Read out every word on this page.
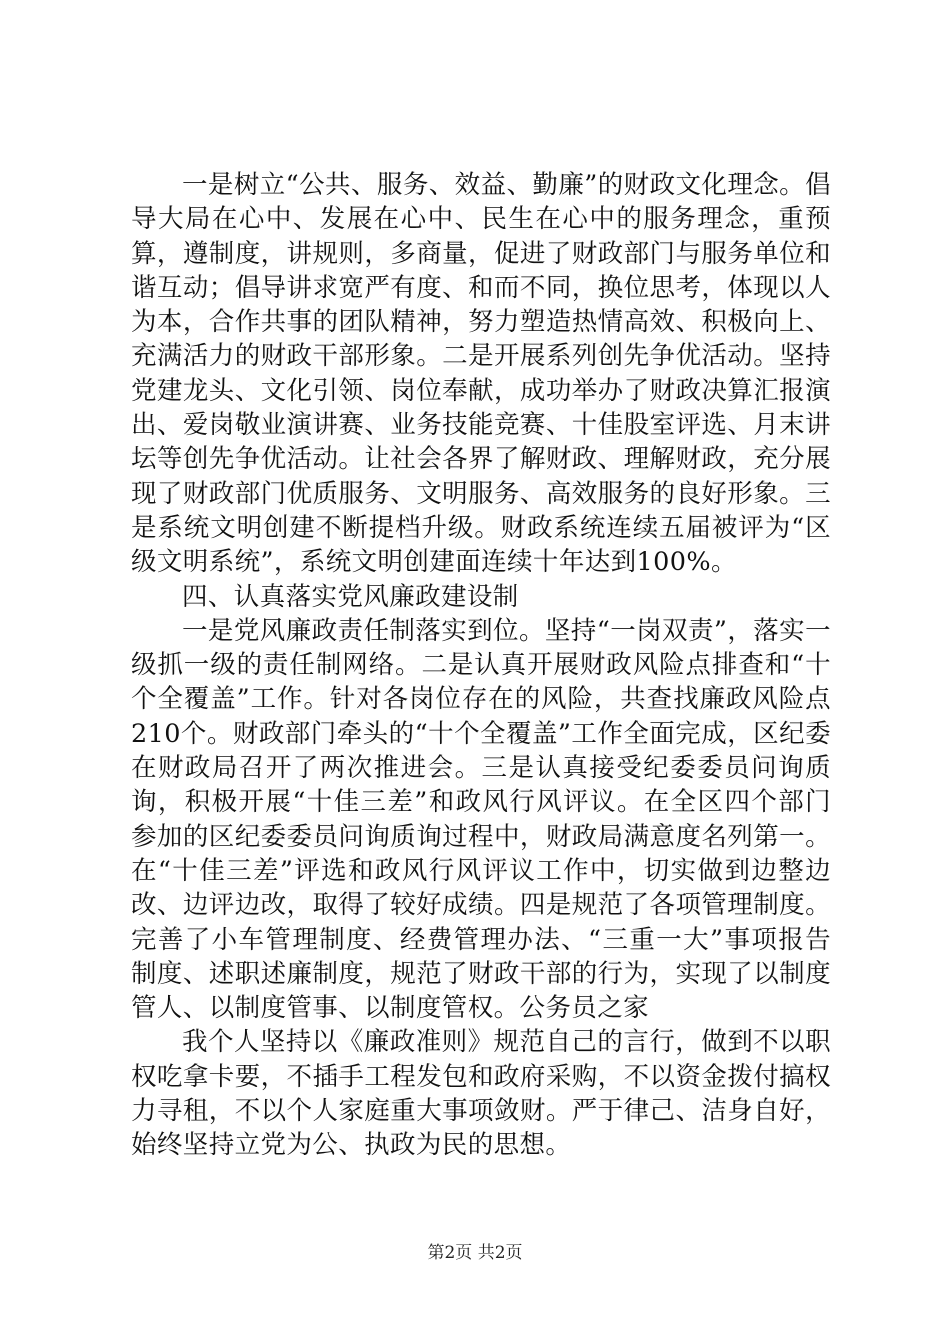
一是树立“公共、服务、效益、勤廉”的财政文化理念。倡导大局在心中、发展在心中、民生在心中的服务理念，重预算，遵制度，讲规则，多商量，促进了财政部门与服务单位和谐互动；倡导讲求宽严有度、和而不同，换位思考，体现以人为本，合作共事的团队精神，努力塑造热情高效、积极向上、充满活力的财政干部形象。二是开展系列创先争优活动。坚持党建龙头、文化引领、岗位奉献，成功举办了财政决算汇报演出、爱岗敬业演讲赛、业务技能竞赛、十佳股室评选、月末讲坛等创先争优活动。让社会各界了解财政、理解财政，充分展现了财政部门优质服务、文明服务、高效服务的良好形象。三是系统文明创建不断提档升级。财政系统连续五届被评为“区级文明系统”，系统文明创建面连续十年达到100%。

四、认真落实党风廉政建设制

一是党风廉政责任制落实到位。坚持“一岗双责”，落实一级抓一级的责任制网络。二是认真开展财政风险点排查和“十个全覆盖”工作。针对各岗位存在的风险，共查找廉政风险点210个。财政部门牵头的“十个全覆盖”工作全面完成，区纪委在财政局召开了两次推进会。三是认真接受纪委委员问询质询，积极开展“十佳三差”和政风行风评议。在全区四个部门参加的区纪委委员问询质询过程中，财政局满意度名列第一。在“十佳三差”评选和政风行风评议工作中，切实做到边整边改、边评边改，取得了较好成绩。四是规范了各项管理制度。完善了小车管理制度、经费管理办法、“三重一大”事项报告制度、述职述廉制度，规范了财政干部的行为，实现了以制度管人、以制度管事、以制度管权。公务员之家

我个人坚持以《廉政准则》规范自己的言行，做到不以职权吃拿卡要，不插手工程发包和政府采购，不以资金拨付搞权力寻租，不以个人家庭重大事项敛财。严于律己、洁身自好，始终坚持立党为公、执政为民的思想。

第2页 共2页
